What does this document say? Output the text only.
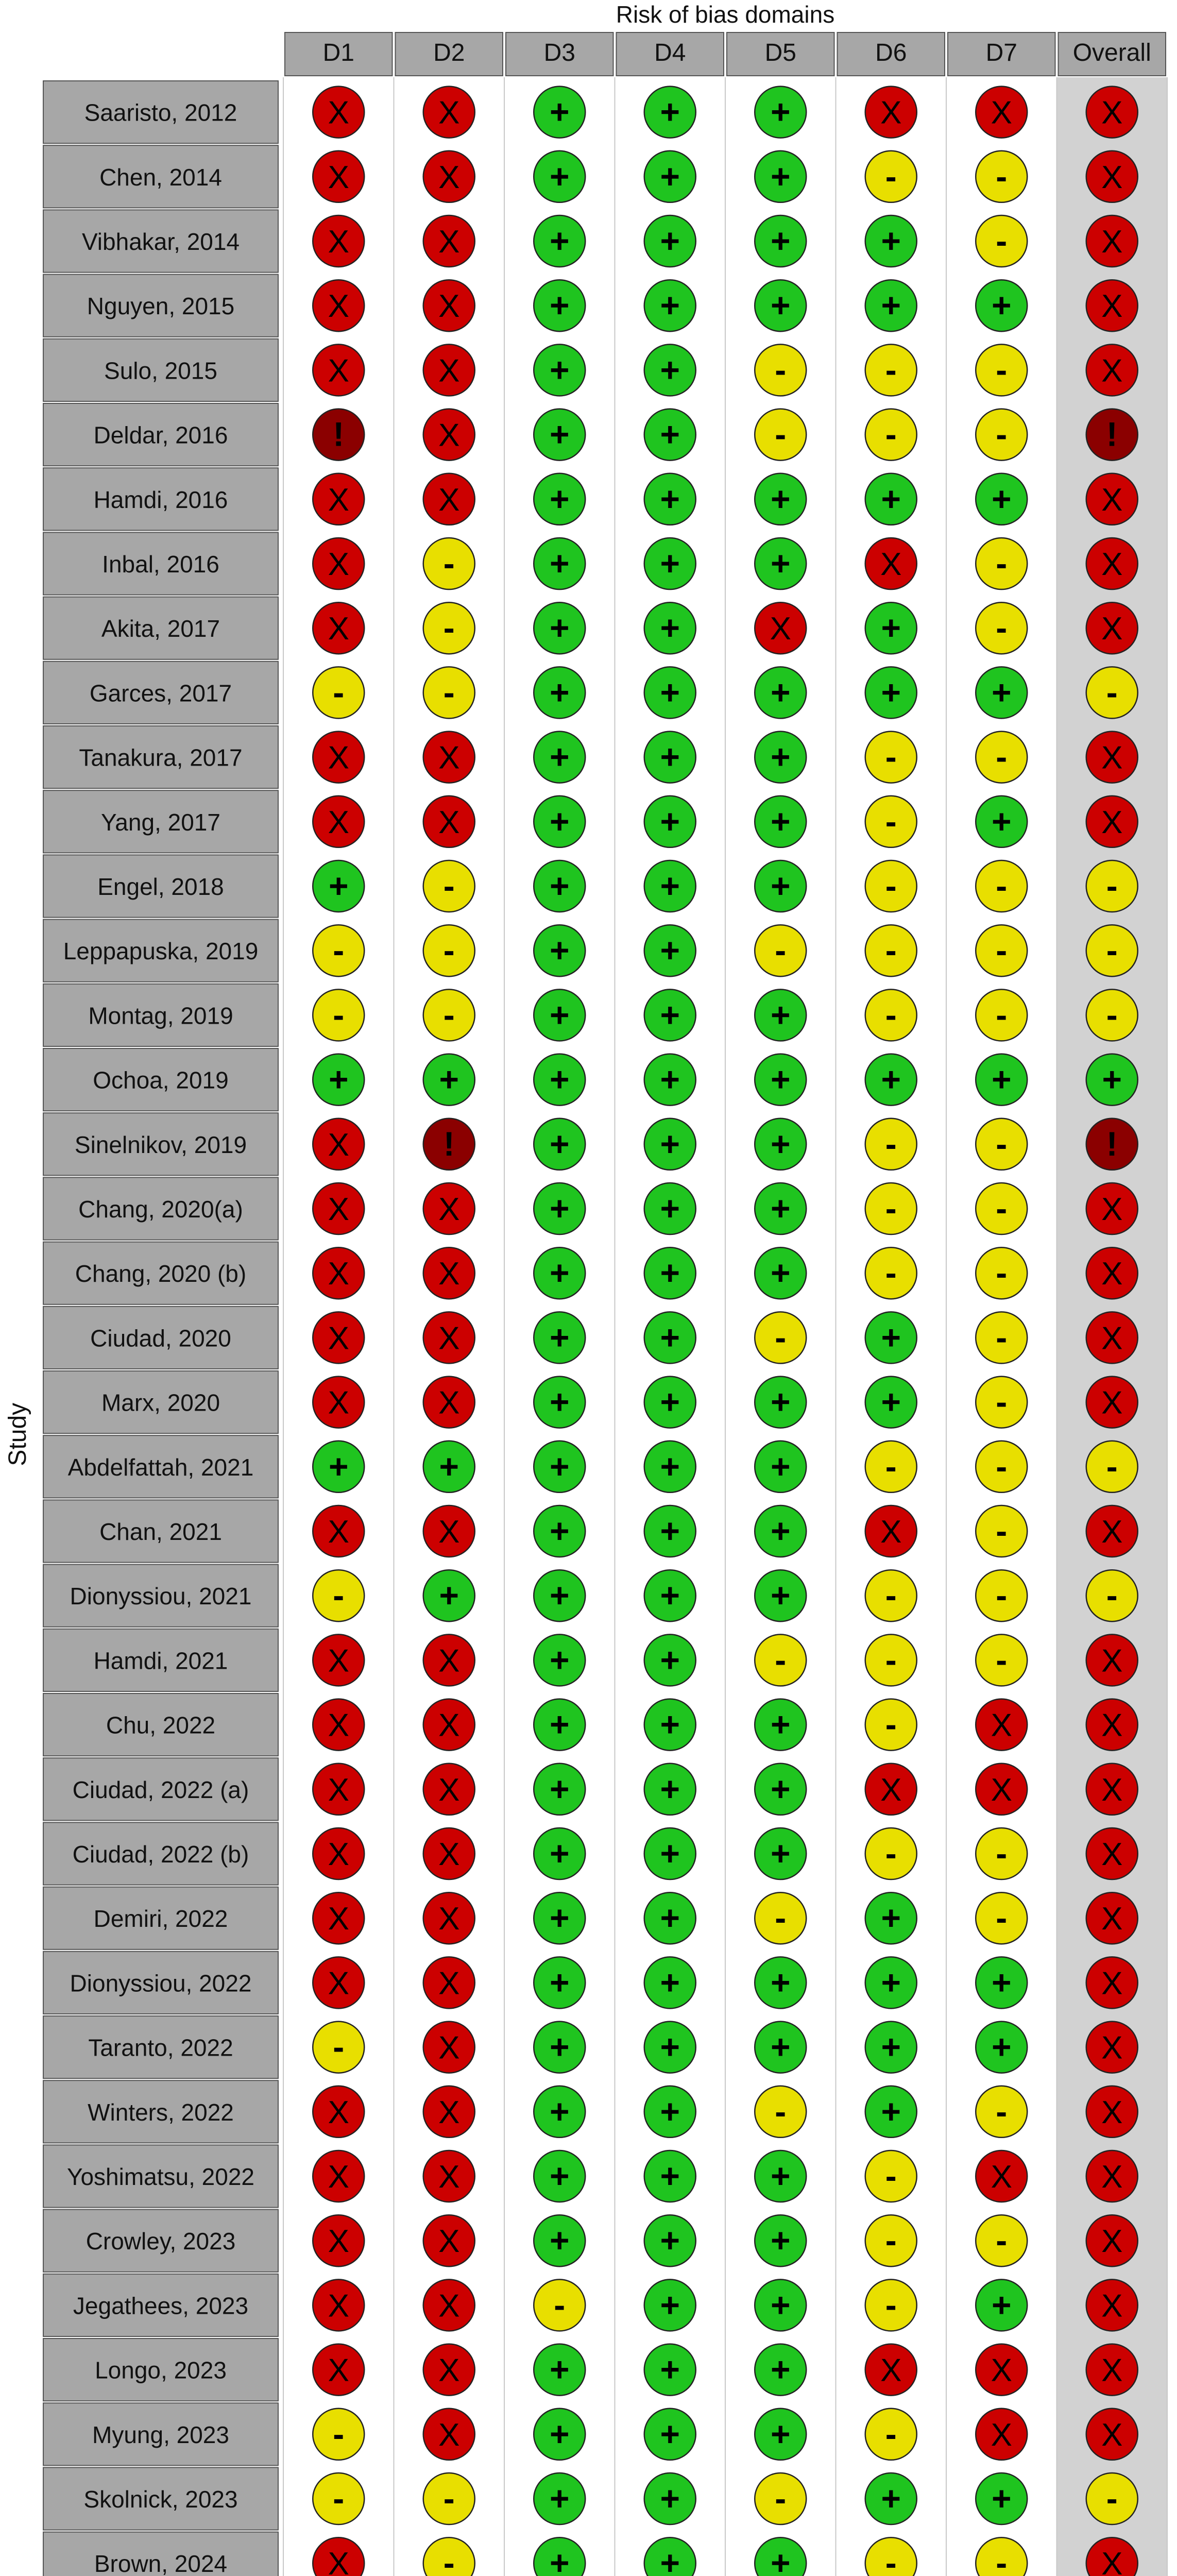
Risk of bias domains
Study
D1	D2	D3	D4	D5	D6	D7 Overall
Saaristo, 2012	X	X	+	+	+	X	X	X
Chen, 2014	X	X	+	+	+	-	-	X
Vibhakar, 2014	X	X	+	+	+	+	-	X
Nguyen, 2015	X	X	+	+	+	+	+	X
Sulo, 2015	X	X	+	+	-	-	-	X
Deldar, 2016	!	X	+	+	-	-	-	!
Hamdi, 2016	X	X	+	+	+	+	+	X
Inbal, 2016	X	-	+	+	+	X	-	X
Akita, 2017	X	-	+	+	X	+	-	X
Garces, 2017	-	-	+	+	+	+	+	-
Tanakura, 2017	X	X	+	+	+	-	-	X
Yang, 2017	X	X	+	+	+	-	+	X
Engel, 2018	+	-	+	+	+	-	-	-
Leppapuska, 2019 -	-	+	+	-	-	-	-
Montag, 2019	-	-	+	+	+	-	-	-
Ochoa, 2019	+	+	+	+	+	+	+	+
Sinelnikov, 2019	X	!	+	+	+	-	-	!
Chang, 2020(a)	X	X	+	+	+	-	-	X
Chang, 2020 (b)	X	X	+	+	+	-	-	X
Ciudad, 2020	X	X	+	+	-	+	-	X
Marx, 2020	X	X	+	+	+	+	-	X
Abdelfattah, 2021 +	+	+	+	+	-	-	-
Chan, 2021	X	X	+	+	+	X	-	X
Dionyssiou, 2021 -	+	+	+	+	-	-	-
Hamdi, 2021	X	X	+	+	-	-	-	X
Chu, 2022	X	X	+	+	+	-	X	X
Ciudad, 2022 (a) X	X	+	+	+	X	X	X
Ciudad, 2022 (b) X	X	+	+	+	-	-	X
Demiri, 2022	X	X	+	+	-	+	-	X
Dionyssiou, 2022 X	X	+	+	+	+	+	X
Taranto, 2022	-	X	+	+	+	+	+	X
Winters, 2022	X	X	+	+	-	+	-	X
Yoshimatsu, 2022 X	X	+	+	+	-	X	X
Crowley, 2023	X	X	+	+	+	-	-	X
Jegathees, 2023 X	X	-	+	+	-	+	X
Longo, 2023	X	X	+	+	+	X	X	X
Myung, 2023	-	X	+	+	+	-	X	X
Skolnick, 2023	-	-	+	+	-	+	+	-
Brown, 2024	X	-	+	+	+	-	-	X
